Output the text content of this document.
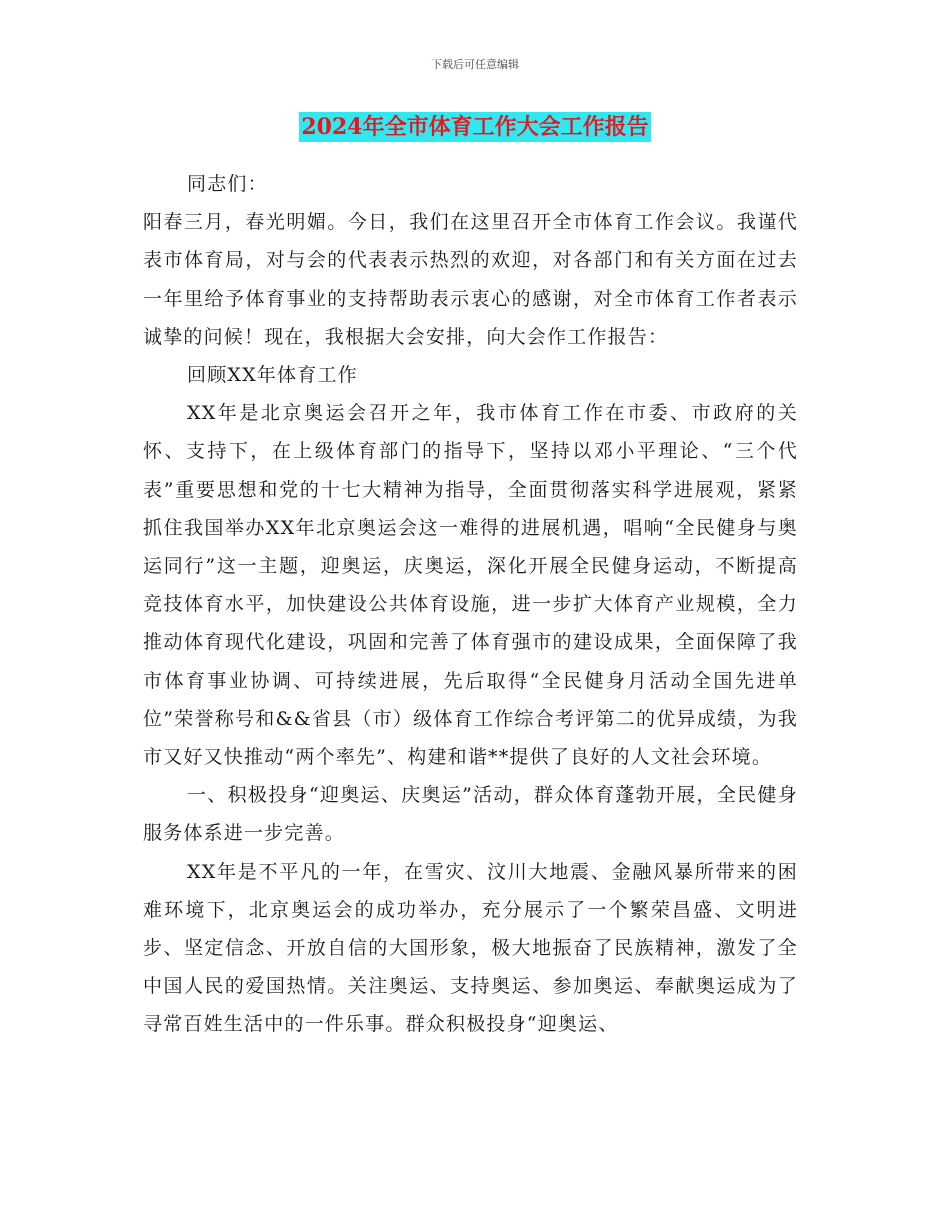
下载后可任意编辑
2024年全市体育工作大会工作报告

同志们：

阳春三月，春光明媚。今日，我们在这里召开全市体育工作会议。我谨代表市体育局，对与会的代表表示热烈的欢迎，对各部门和有关方面在过去一年里给予体育事业的支持帮助表示衷心的感谢，对全市体育工作者表示诚挚的问候！现在，我根据大会安排，向大会作工作报告：

回顾XX年体育工作

XX年是北京奥运会召开之年，我市体育工作在市委、市政府的关怀、支持下，在上级体育部门的指导下，坚持以邓小平理论、“三个代表”重要思想和党的十七大精神为指导，全面贯彻落实科学进展观，紧紧抓住我国举办XX年北京奥运会这一难得的进展机遇，唱响“全民健身与奥运同行”这一主题，迎奥运，庆奥运，深化开展全民健身运动，不断提高竞技体育水平，加快建设公共体育设施，进一步扩大体育产业规模，全力推动体育现代化建设，巩固和完善了体育强市的建设成果，全面保障了我市体育事业协调、可持续进展，先后取得“全民健身月活动全国先进单位”荣誉称号和&&省县（市）级体育工作综合考评第二的优异成绩，为我市又好又快推动“两个率先”、构建和谐**提供了良好的人文社会环境。

一、积极投身“迎奥运、庆奥运”活动，群众体育蓬勃开展，全民健身服务体系进一步完善。

XX年是不平凡的一年，在雪灾、汶川大地震、金融风暴所带来的困难环境下，北京奥运会的成功举办，充分展示了一个繁荣昌盛、文明进步、坚定信念、开放自信的大国形象，极大地振奋了民族精神，激发了全中国人民的爱国热情。关注奥运、支持奥运、参加奥运、奉献奥运成为了寻常百姓生活中的一件乐事。群众积极投身“迎奥运、
